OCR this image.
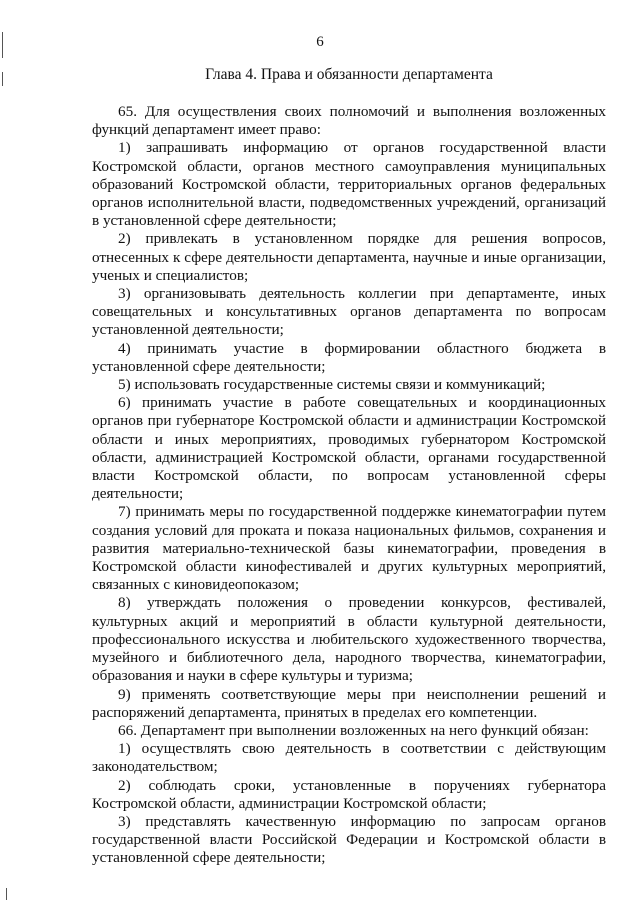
6
Глава 4. Права и обязанности департамента

65. Для осуществления своих полномочий и выполнения возложенных функций департамент имеет право:

1) запрашивать информацию от органов государственной власти Костромской области, органов местного самоуправления муниципальных образований Костромской области, территориальных органов федеральных органов исполнительной власти, подведомственных учреждений, организаций в установленной сфере деятельности;

2) привлекать в установленном порядке для решения вопросов, отнесенных к сфере деятельности департамента, научные и иные организации, ученых и специалистов;

3) организовывать деятельность коллегии при департаменте, иных совещательных и консультативных органов департамента по вопросам установленной деятельности;

4) принимать участие в формировании областного бюджета в установленной сфере деятельности;

5) использовать государственные системы связи и коммуникаций;

6) принимать участие в работе совещательных и координационных органов при губернаторе Костромской области и администрации Костромской области и иных мероприятиях, проводимых губернатором Костромской области, администрацией Костромской области, органами государственной власти Костромской области, по вопросам установленной сферы деятельности;

7) принимать меры по государственной поддержке кинематографии путем создания условий для проката и показа национальных фильмов, сохранения и развития материально-технической базы кинематографии, проведения в Костромской области кинофестивалей и других культурных мероприятий, связанных с киновидеопоказом;

8) утверждать положения о проведении конкурсов, фестивалей, культурных акций и мероприятий в области культурной деятельности, профессионального искусства и любительского художественного творчества, музейного и библиотечного дела, народного творчества, кинематографии, образования и науки в сфере культуры и туризма;

9) применять соответствующие меры при неисполнении решений и распоряжений департамента, принятых в пределах его компетенции.

66. Департамент при выполнении возложенных на него функций обязан:

1) осуществлять свою деятельность в соответствии с действующим законодательством;

2) соблюдать сроки, установленные в поручениях губернатора Костромской области, администрации Костромской области;

3) представлять качественную информацию по запросам органов государственной власти Российской Федерации и Костромской области в установленной сфере деятельности;
